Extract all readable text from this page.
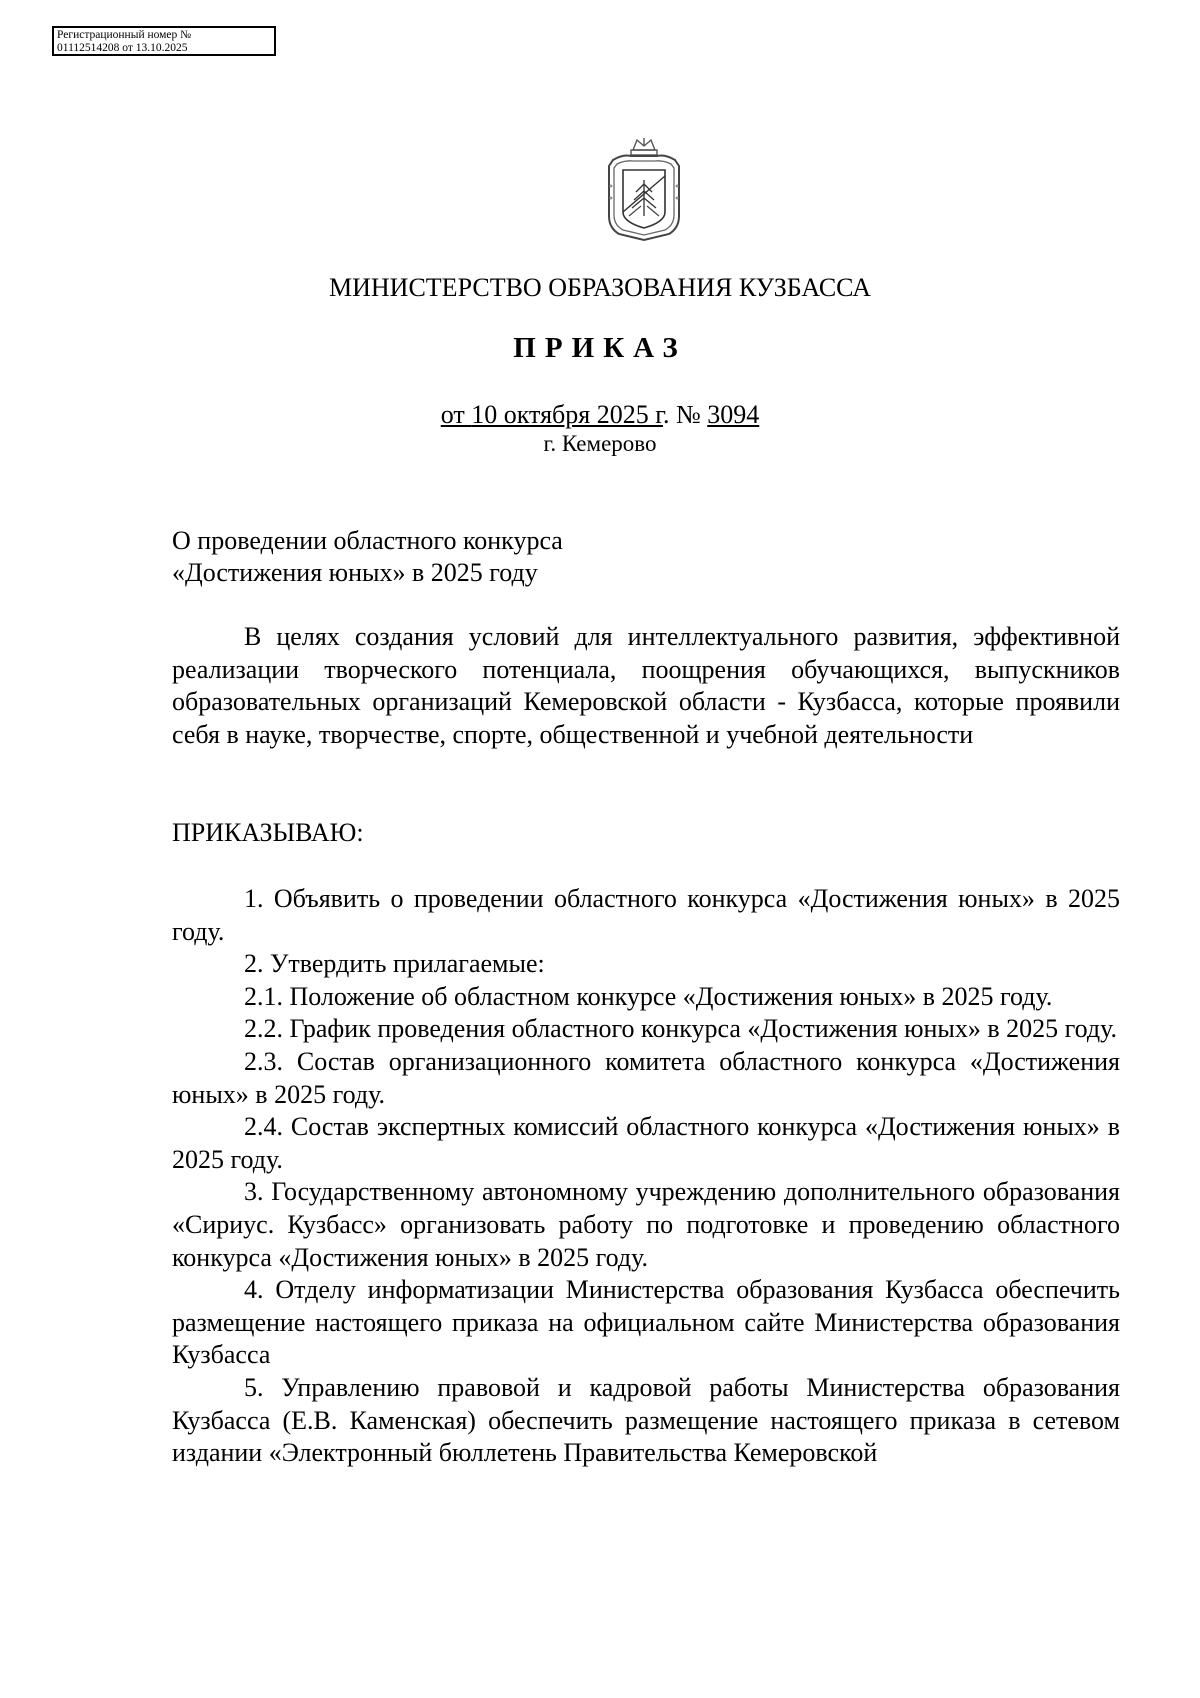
Регистрационный номер №
01112514208 от 13.10.2025
МИНИСТЕРСТВО ОБРАЗОВАНИЯ КУЗБАССА
ПРИКАЗ
от 10 октября 2025 г. № 3094
г. Кемерово
О проведении областного конкурса
«Достижения юных» в 2025 году

В целях создания условий для интеллектуального развития, эффективной реализации творческого потенциала, поощрения обучающихся, выпускников образовательных организаций Кемеровской области - Кузбасса, которые проявили себя в науке, творчестве, спорте, общественной и учебной деятельности

ПРИКАЗЫВАЮ:

1. Объявить о проведении областного конкурса «Достижения юных» в 2025 году.

2. Утвердить прилагаемые:

2.1. Положение об областном конкурсе «Достижения юных» в 2025 году.

2.2. График проведения областного конкурса «Достижения юных» в 2025 году.

2.3. Состав организационного комитета областного конкурса «Достижения юных» в 2025 году.

2.4. Состав экспертных комиссий областного конкурса «Достижения юных» в 2025 году.

3. Государственному автономному учреждению дополнительного образования «Сириус. Кузбасс» организовать работу по подготовке и проведению областного конкурса «Достижения юных» в 2025 году.

4. Отделу информатизации Министерства образования Кузбасса обеспечить размещение настоящего приказа на официальном сайте Министерства образования Кузбасса

5. Управлению правовой и кадровой работы Министерства образования Кузбасса (Е.В. Каменская) обеспечить размещение настоящего приказа в сетевом издании «Электронный бюллетень Правительства Кемеровской
